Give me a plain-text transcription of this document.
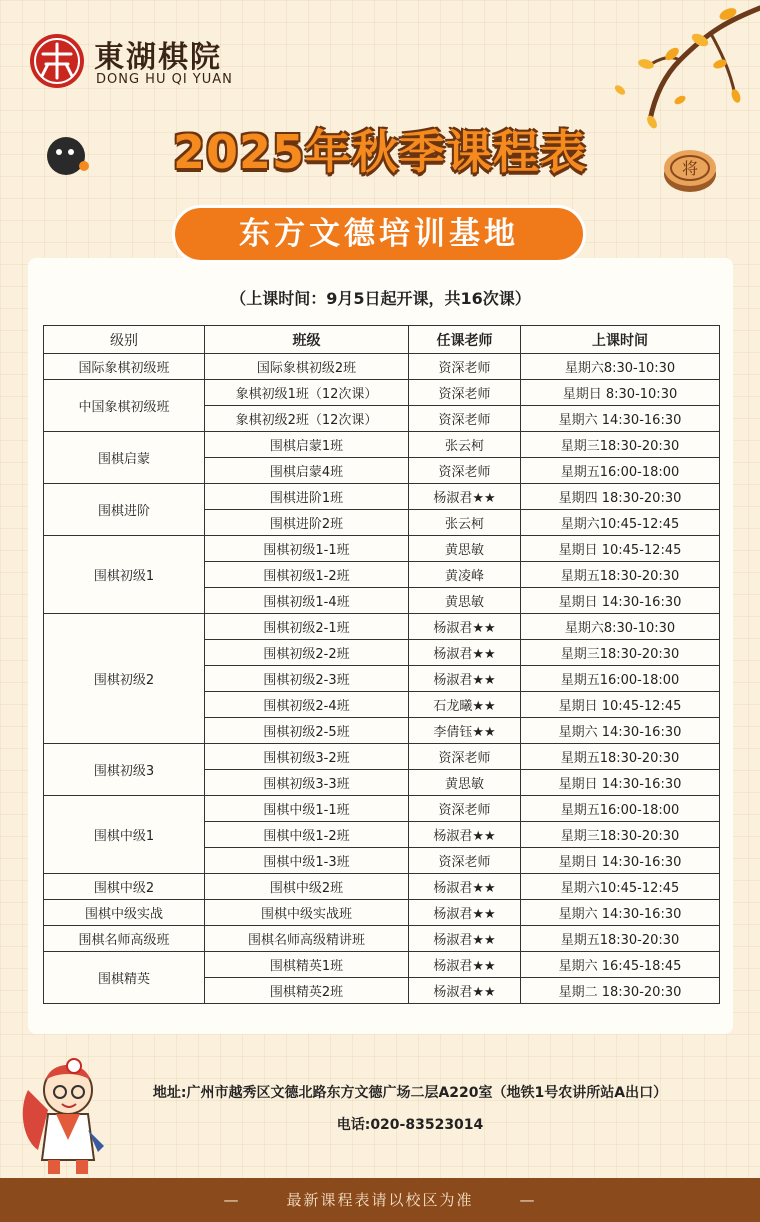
東湖棋院
DONG HU QI YUAN
2025年秋季课程表	将
东方文德培训基地
（上课时间：9月5日起开课，共16次课）
级别	班级	任课老师	上课时间
国际象棋初级班	国际象棋初级2班	资深老师	星期六8:30-10:30
中国象棋初级班	象棋初级1班（12次课）	资深老师	星期日 8:30-10:30
	象棋初级2班（12次课）	资深老师	星期六 14:30-16:30
围棋启蒙	围棋启蒙1班	张云柯	星期三18:30-20:30
	围棋启蒙4班	资深老师	星期五16:00-18:00
围棋进阶	围棋进阶1班	杨淑君★★	星期四 18:30-20:30
	围棋进阶2班	张云柯	星期六10:45-12:45
围棋初级1	围棋初级1-1班	黄思敏	星期日 10:45-12:45
	围棋初级1-2班	黄凌峰	星期五18:30-20:30
	围棋初级1-4班	黄思敏	星期日 14:30-16:30
围棋初级2	围棋初级2-1班	杨淑君★★	星期六8:30-10:30
	围棋初级2-2班	杨淑君★★	星期三18:30-20:30
	围棋初级2-3班	杨淑君★★	星期五16:00-18:00
	围棋初级2-4班	石龙曦★★	星期日 10:45-12:45
	围棋初级2-5班	李倩钰★★	星期六 14:30-16:30
围棋初级3	围棋初级3-2班	资深老师	星期五18:30-20:30
	围棋初级3-3班	黄思敏	星期日 14:30-16:30
围棋中级1	围棋中级1-1班	资深老师	星期五16:00-18:00
	围棋中级1-2班	杨淑君★★	星期三18:30-20:30
	围棋中级1-3班	资深老师	星期日 14:30-16:30
围棋中级2	围棋中级2班	杨淑君★★	星期六10:45-12:45
围棋中级实战	围棋中级实战班	杨淑君★★	星期六 14:30-16:30
围棋名师高级班	围棋名师高级精讲班	杨淑君★★	星期五18:30-20:30
围棋精英	围棋精英1班	杨淑君★★	星期六 16:45-18:45
	围棋精英2班	杨淑君★★	星期二 18:30-20:30
地址:广州市越秀区文德北路东方文德广场二层A220室（地铁1号农讲所站A出口）
电话:020-83523014
—	最新课程表请以校区为准	—
